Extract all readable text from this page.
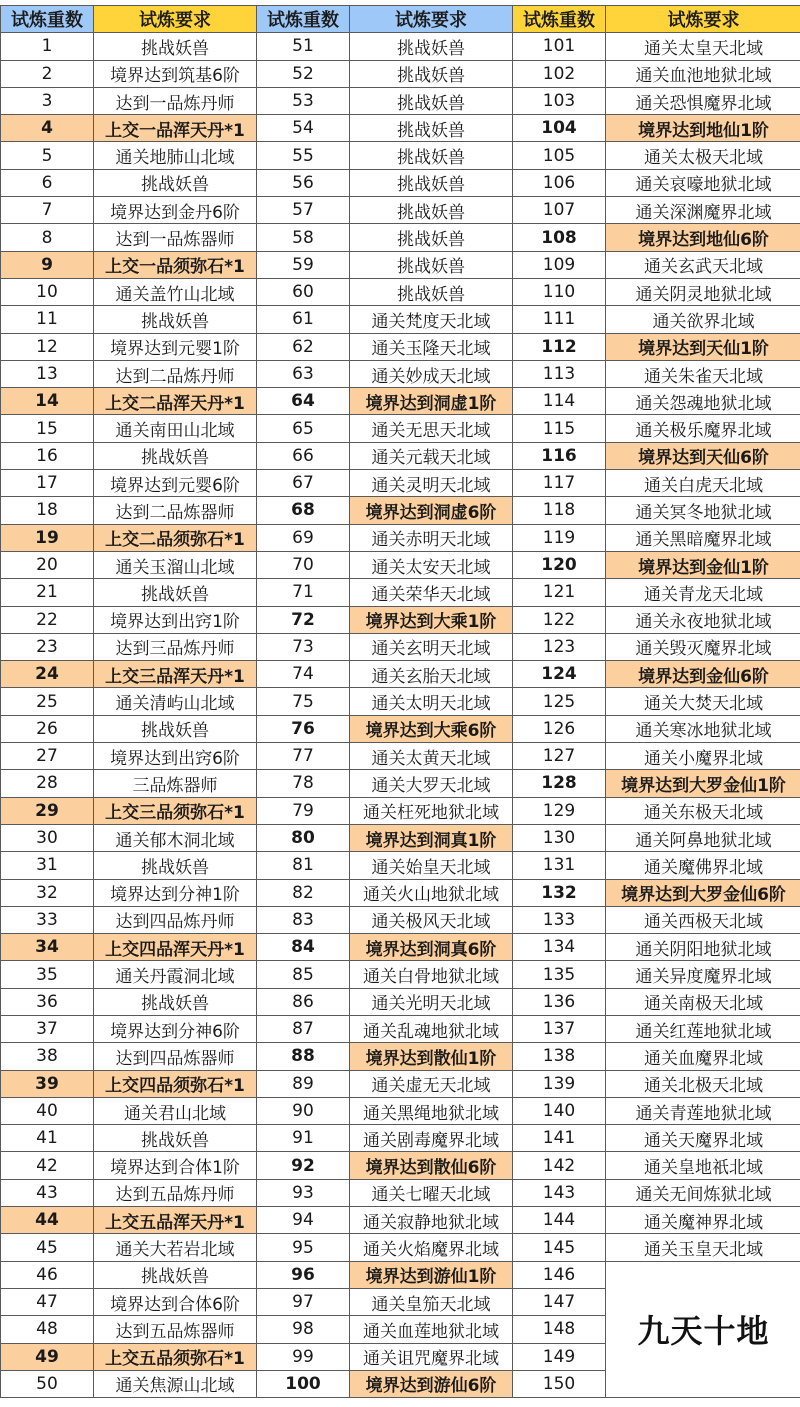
试炼重数	试炼要求	试炼重数	试炼要求	试炼重数	试炼要求
1	挑战妖兽	51	挑战妖兽	101	通关太皇天北域
2	境界达到筑基6阶	52	挑战妖兽	102	通关血池地狱北域
3	达到一品炼丹师	53	挑战妖兽	103	通关恐惧魔界北域
4	上交一品浑天丹*1	54	挑战妖兽	104	境界达到地仙1阶
5	通关地肺山北域	55	挑战妖兽	105	通关太极天北域
6	挑战妖兽	56	挑战妖兽	106	通关哀嚎地狱北域
7	境界达到金丹6阶	57	挑战妖兽	107	通关深渊魔界北域
8	达到一品炼器师	58	挑战妖兽	108	境界达到地仙6阶
9	上交一品须弥石*1	59	挑战妖兽	109	通关玄武天北域
10	通关盖竹山北域	60	挑战妖兽	110	通关阴灵地狱北域
11	挑战妖兽	61	通关梵度天北域	111	通关欲界北域
12	境界达到元婴1阶	62	通关玉隆天北域	112	境界达到天仙1阶
13	达到二品炼丹师	63	通关妙成天北域	113	通关朱雀天北域
14	上交二品浑天丹*1	64	境界达到洞虚1阶	114	通关怨魂地狱北域
15	通关南田山北域	65	通关无思天北域	115	通关极乐魔界北域
16	挑战妖兽	66	通关元载天北域	116	境界达到天仙6阶
17	境界达到元婴6阶	67	通关灵明天北域	117	通关白虎天北域
18	达到二品炼器师	68	境界达到洞虚6阶	118	通关冥冬地狱北域
19	上交二品须弥石*1	69	通关赤明天北域	119	通关黑暗魔界北域
20	通关玉溜山北域	70	通关太安天北域	120	境界达到金仙1阶
21	挑战妖兽	71	通关荣华天北域	121	通关青龙天北域
22	境界达到出窍1阶	72	境界达到大乘1阶	122	通关永夜地狱北域
23	达到三品炼丹师	73	通关玄明天北域	123	通关毁灭魔界北域
24	上交三品浑天丹*1	74	通关玄胎天北域	124	境界达到金仙6阶
25	通关清屿山北域	75	通关太明天北域	125	通关大焚天北域
26	挑战妖兽	76	境界达到大乘6阶	126	通关寒冰地狱北域
27	境界达到出窍6阶	77	通关太黄天北域	127	通关小魔界北域
28	三品炼器师	78	通关大罗天北域	128	境界达到大罗金仙1阶
29	上交三品须弥石*1	79	通关枉死地狱北域	129	通关东极天北域
30	通关郁木洞北域	80	境界达到洞真1阶	130	通关阿鼻地狱北域
31	挑战妖兽	81	通关始皇天北域	131	通关魔佛界北域
32	境界达到分神1阶	82	通关火山地狱北域	132	境界达到大罗金仙6阶
33	达到四品炼丹师	83	通关极风天北域	133	通关西极天北域
34	上交四品浑天丹*1	84	境界达到洞真6阶	134	通关阴阳地狱北域
35	通关丹霞洞北域	85	通关白骨地狱北域	135	通关异度魔界北域
36	挑战妖兽	86	通关光明天北域	136	通关南极天北域
37	境界达到分神6阶	87	通关乱魂地狱北域	137	通关红莲地狱北域
38	达到四品炼器师	88	境界达到散仙1阶	138	通关血魔界北域
39	上交四品须弥石*1	89	通关虚无天北域	139	通关北极天北域
40	通关君山北域	90	通关黑绳地狱北域	140	通关青莲地狱北域
41	挑战妖兽	91	通关剧毒魔界北域	141	通关天魔界北域
42	境界达到合体1阶	92	境界达到散仙6阶	142	通关皇地祇北域
43	达到五品炼丹师	93	通关七曜天北域	143	通关无间炼狱北域
44	上交五品浑天丹*1	94	通关寂静地狱北域	144	通关魔神界北域
45	通关大若岩北域	95	通关火焰魔界北域	145	通关玉皇天北域
46	挑战妖兽	96	境界达到游仙1阶	146	九天十地
47	境界达到合体6阶	97	通关皇笳天北域	147	
48	达到五品炼器师	98	通关血莲地狱北域	148	
49	上交五品须弥石*1	99	通关诅咒魔界北域	149	
50	通关焦源山北域	100	境界达到游仙6阶	150	
